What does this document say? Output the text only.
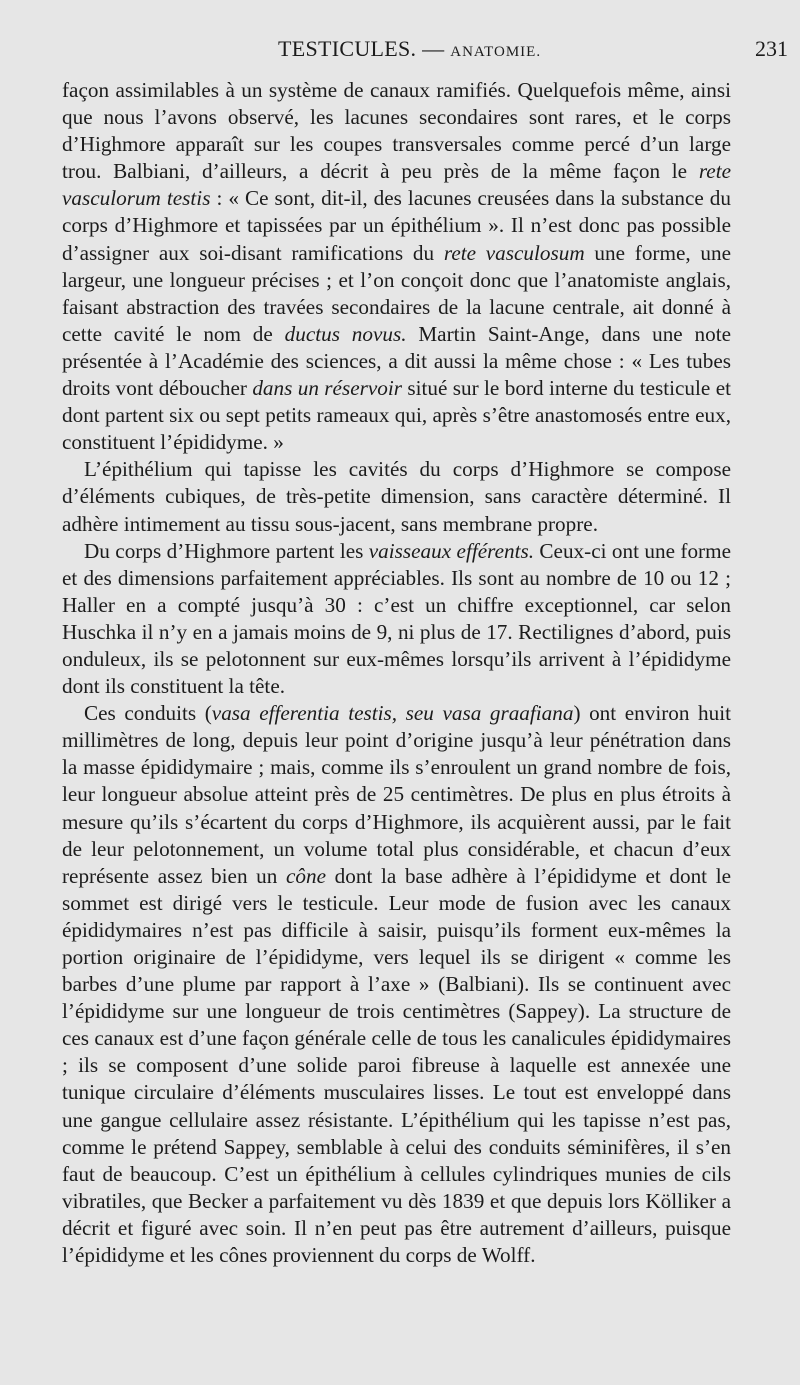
TESTICULES. — ANATOMIE.	231

façon assimilables à un système de canaux ramifiés. Quelquefois même, ainsi que nous l’avons observé, les lacunes secondaires sont rares, et le corps d’Highmore apparaît sur les coupes transversales comme percé d’un large trou. Balbiani, d’ailleurs, a décrit à peu près de la même façon le rete vasculorum testis : « Ce sont, dit-il, des lacunes creusées dans la substance du corps d’Highmore et tapissées par un épithélium ». Il n’est donc pas possible d’assigner aux soi-disant ramifications du rete vasculosum une forme, une largeur, une longueur précises ; et l’on conçoit donc que l’anatomiste anglais, faisant abstraction des travées secondaires de la lacune centrale, ait donné à cette cavité le nom de ductus novus. Martin Saint-Ange, dans une note présentée à l’Académie des sciences, a dit aussi la même chose : « Les tubes droits vont déboucher dans un réservoir situé sur le bord interne du testicule et dont partent six ou sept petits rameaux qui, après s’être anastomosés entre eux, constituent l’épididyme. »

L’épithélium qui tapisse les cavités du corps d’Highmore se compose d’éléments cubiques, de très-petite dimension, sans caractère déterminé. Il adhère intimement au tissu sous-jacent, sans membrane propre.

Du corps d’Highmore partent les vaisseaux efférents. Ceux-ci ont une forme et des dimensions parfaitement appréciables. Ils sont au nombre de 10 ou 12 ; Haller en a compté jusqu’à 30 : c’est un chiffre exceptionnel, car selon Huschka il n’y en a jamais moins de 9, ni plus de 17. Rectilignes d’abord, puis onduleux, ils se pelotonnent sur eux-mêmes lorsqu’ils arrivent à l’épididyme dont ils constituent la tête.

Ces conduits (vasa efferentia testis, seu vasa graafiana) ont environ huit millimètres de long, depuis leur point d’origine jusqu’à leur pénétration dans la masse épididymaire ; mais, comme ils s’enroulent un grand nombre de fois, leur longueur absolue atteint près de 25 centimètres. De plus en plus étroits à mesure qu’ils s’écartent du corps d’Highmore, ils acquièrent aussi, par le fait de leur pelotonnement, un volume total plus considérable, et chacun d’eux représente assez bien un cône dont la base adhère à l’épididyme et dont le sommet est dirigé vers le testicule. Leur mode de fusion avec les canaux épididymaires n’est pas difficile à saisir, puisqu’ils forment eux-mêmes la portion originaire de l’épididyme, vers lequel ils se dirigent « comme les barbes d’une plume par rapport à l’axe » (Balbiani). Ils se continuent avec l’épididyme sur une longueur de trois centimètres (Sappey). La structure de ces canaux est d’une façon générale celle de tous les canalicules épididymaires ; ils se composent d’une solide paroi fibreuse à laquelle est annexée une tunique circulaire d’éléments musculaires lisses. Le tout est enveloppé dans une gangue cellulaire assez résistante. L’épithélium qui les tapisse n’est pas, comme le prétend Sappey, semblable à celui des conduits séminifères, il s’en faut de beaucoup. C’est un épithélium à cellules cylindriques munies de cils vibratiles, que Becker a parfaitement vu dès 1839 et que depuis lors Kölliker a décrit et figuré avec soin. Il n’en peut pas être autrement d’ailleurs, puisque l’épididyme et les cônes proviennent du corps de Wolff.
